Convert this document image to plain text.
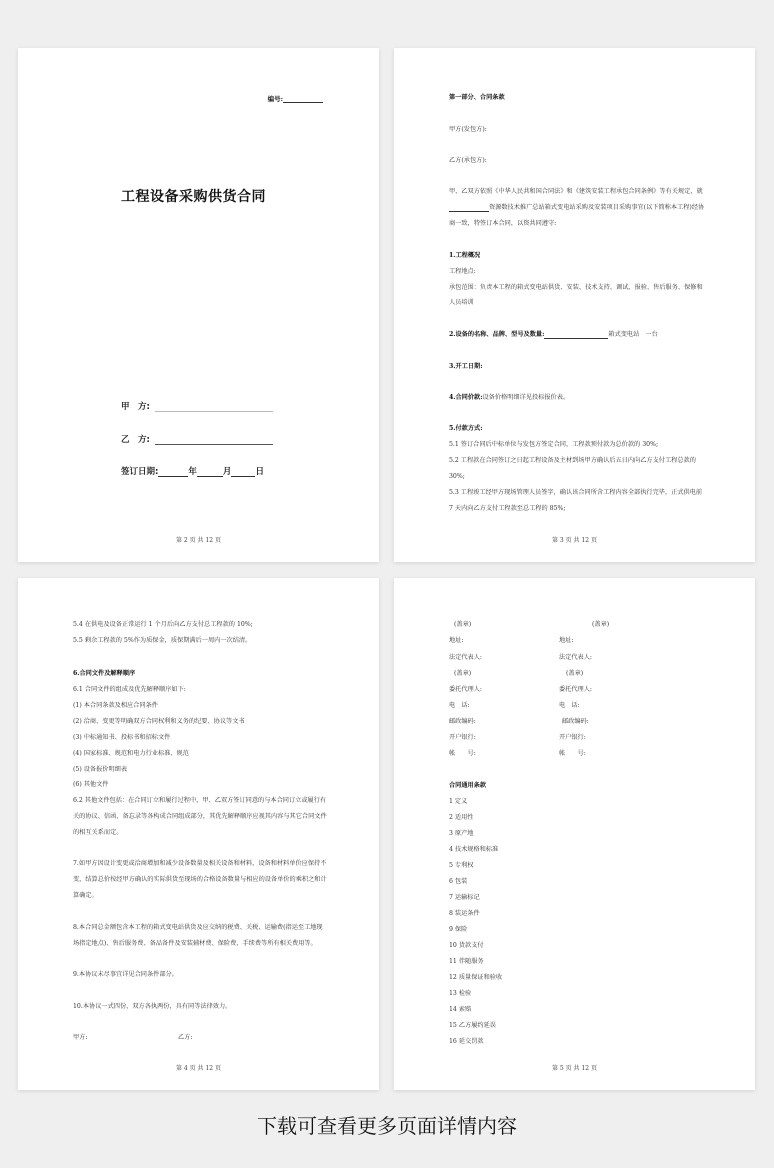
编号:
工程设备采购供货合同
甲　方:
乙　方:
签订日期:	年	月	日
第 2 页 共 12 页
第一部分、合同条款
甲方(发包方):
乙方(承包方):
甲、乙双方依照《中华人民共和国合同法》和《建筑安装工程承包合同条例》等有关规定，就
资源数技术推广总站箱式变电站采购及安装项目采购事宜(以下简称本工程)经协
商一致，特签订本合同，以资共同遵守:
1.工程概况
工程地点:
承包范围：负责本工程的箱式变电站供货、安装、技术支持、调试、报验、售后服务、保修和
人员培训
2.设备的名称、品牌、型号及数量:	箱式变电站　一台
3.开工日期:
4.合同价款:设备价格明细详见投标报价表。
5.付款方式:
5.1 签订合同后中标单位与发包方签定合同，工程款预付款为总价款的 30%;
5.2 工程款在合同签订之日起工程设备及主材到场甲方确认后五日内向乙方支付工程总款的
30%;
5.3 工程竣工经甲方现场管理人员签字，确认该合同所含工程内容全部执行完毕，正式供电前
7 天内向乙方支付工程款至总工程的 85%;
第 3 页 共 12 页
5.4 在供电及设备正常运行 1 个月后向乙方支付总工程款的 10%;
5.5 剩余工程款的 5%作为质保金，质保期满后一周内一次结清。
6.合同文件及解释顺序
6.1 合同文件的组成及优先解释顺序如下:
(1) 本合同条款及相应合同条件
(2) 洽商、变更等明确双方合同权利和义务的纪要、协议等文书
(3) 中标通知书、投标书和招标文件
(4) 国家标准、规范和电力行业标准、规范
(5) 设备报价明细表
(6) 其他文件
6.2 其他文件包括：在合同订立和履行过程中，甲、乙双方签订同意的与本合同订立或履行有
关的协议、信函、备忘录等各构成合同组成部分，其优先解释顺序应视其内容与其它合同文件
的相互关系而定。
7.如甲方因设计变更或洽商增加和减少设备数量及相关设备和材料，设备和材料单价应保持不
变，结算总价按经甲方确认的实际供货至现场的合格设备数量与相应的设备单价的乘积之和计
算确定。
8.本合同总金额包含本工程的箱式变电站供货及应交纳的税费、关税、运输费(指运至工地现
场指定地点)、售后服务费、备品备件及安装辅材费、保险费、手续费等所有相关费用等。
9.本协议未尽事宜详见合同条件部分。
10.本协议一式四份，双方各执两份，具有同等法律效力。
甲方:	乙方:
第 4 页 共 12 页
(盖章)	(盖章)
地址:	地址:
法定代表人:	法定代表人:
(盖章)	(盖章)
委托代理人:	委托代理人:
电　话:	电　话:
邮政编码:	邮政编码:
开户银行:	开户银行:
帐　　号:	帐　　号:
合同通用条款
1 定义
2 适用性
3 原产地
4 技术规格和标准
5 专利权
6 包装
7 运输标记
8 装运条件
9 保险
10 货款支付
11 伴随服务
12 质量保证和验收
13 检验
14 索赔
15 乙方履约延误
16 延交罚款
第 5 页 共 12 页
下载可查看更多页面详情内容
